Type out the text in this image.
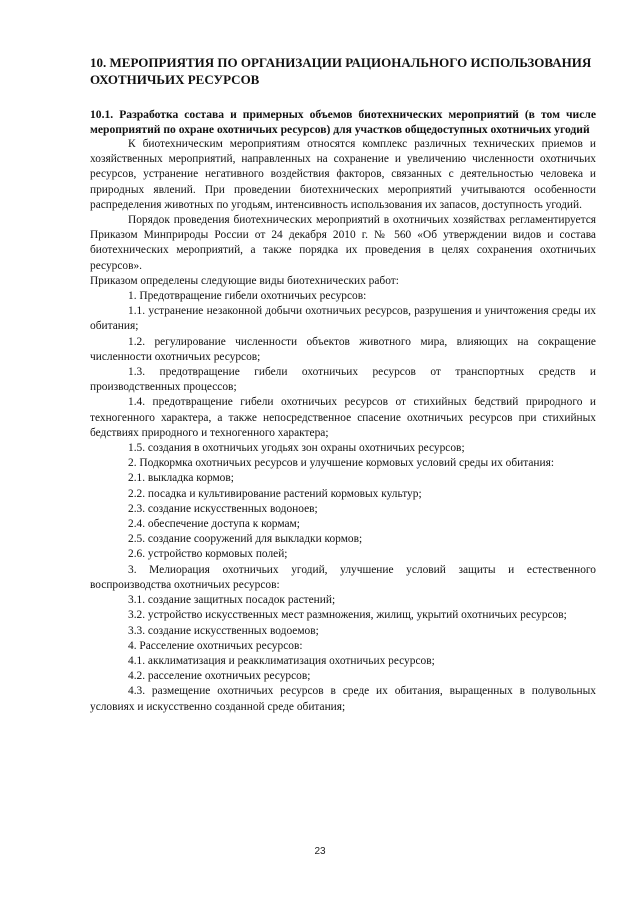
10. МЕРОПРИЯТИЯ ПО ОРГАНИЗАЦИИ РАЦИОНАЛЬНОГО ИСПОЛЬЗОВАНИЯ ОХОТНИЧЬИХ РЕСУРСОВ
10.1. Разработка состава и примерных объемов биотехнических мероприятий (в том числе мероприятий по охране охотничьих ресурсов) для участков общедоступных охотничьих угодий

К биотехническим мероприятиям относятся комплекс различных технических приемов и хозяйственных мероприятий, направленных на сохранение и увеличению численности охотничьих ресурсов, устранение негативного воздействия факторов, связанных с деятельностью человека и природных явлений. При проведении биотехнических мероприятий учитываются особенности распределения животных по угодьям, интенсивность использования их запасов, доступность угодий.

Порядок проведения биотехнических мероприятий в охотничьих хозяйствах регламентируется Приказом Минприроды России от 24 декабря 2010 г. № 560 «Об утверждении видов и состава биотехнических мероприятий, а также порядка их проведения в целях сохранения охотничьих ресурсов».

Приказом определены следующие виды биотехнических работ:

1. Предотвращение гибели охотничьих ресурсов:

1.1. устранение незаконной добычи охотничьих ресурсов, разрушения и уничтожения среды их обитания;

1.2. регулирование численности объектов животного мира, влияющих на сокращение численности охотничьих ресурсов;

1.3. предотвращение гибели охотничьих ресурсов от транспортных средств и производственных процессов;

1.4. предотвращение гибели охотничьих ресурсов от стихийных бедствий природного и техногенного характера, а также непосредственное спасение охотничьих ресурсов при стихийных бедствиях природного и техногенного характера;

1.5. создания в охотничьих угодьях зон охраны охотничьих ресурсов;

2. Подкормка охотничьих ресурсов и улучшение кормовых условий среды их обитания:

2.1. выкладка кормов;

2.2. посадка и культивирование растений кормовых культур;

2.3. создание искусственных водоноев;

2.4. обеспечение доступа к кормам;

2.5. создание сооружений для выкладки кормов;

2.6. устройство кормовых полей;

3. Мелиорация охотничьих угодий, улучшение условий защиты и естественного воспроизводства охотничьих ресурсов:

3.1. создание защитных посадок растений;

3.2. устройство искусственных мест размножения, жилищ, укрытий охотничьих ресурсов;

3.3. создание искусственных водоемов;

4. Расселение охотничьих ресурсов:

4.1. акклиматизация и реакклиматизация охотничьих ресурсов;

4.2. расселение охотничьих ресурсов;

4.3. размещение охотничьих ресурсов в среде их обитания, выращенных в полувольных условиях и искусственно созданной среде обитания;

23
